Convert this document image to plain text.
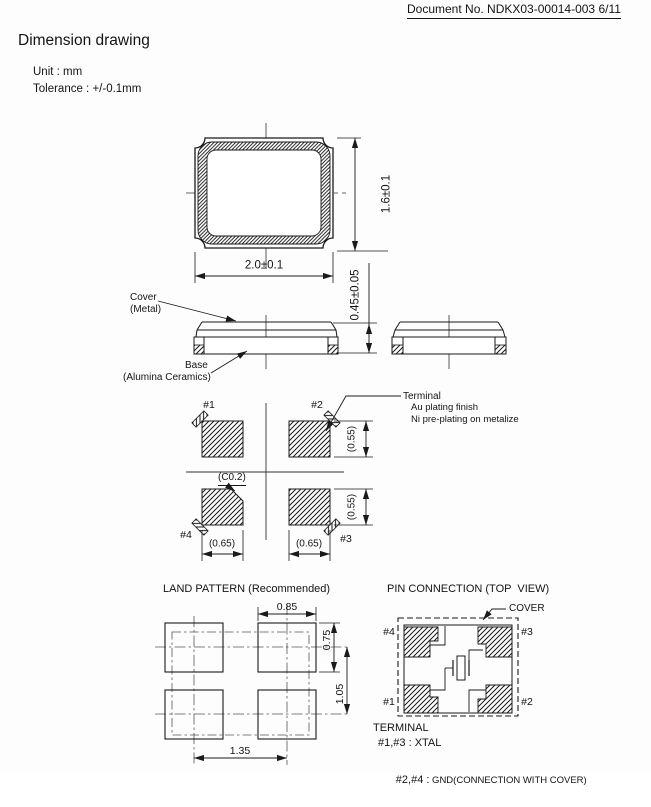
Document No. NDKX03-00014-003 6/11
Dimension drawing
Unit : mm
Tolerance : +/-0.1mm
2.0±0.1
1.6±0.1
0.45±0.05
Cover
(Metal)
Base
(Alumina Ceramics)
#1	#2
#4	#3
(C0.2)
(0.55)
(0.55)
(0.65)	(0.65)
Terminal
Au plating finish
Ni pre-plating on metalize
LAND PATTERN (Recommended)
0.85
0.75
1.05
1.35
PIN CONNECTION (TOP  VIEW)
COVER
#4	#3
#1	#2
TERMINAL
#1,#3 : XTAL

#2,#4 : GND(CONNECTION WITH COVER)
